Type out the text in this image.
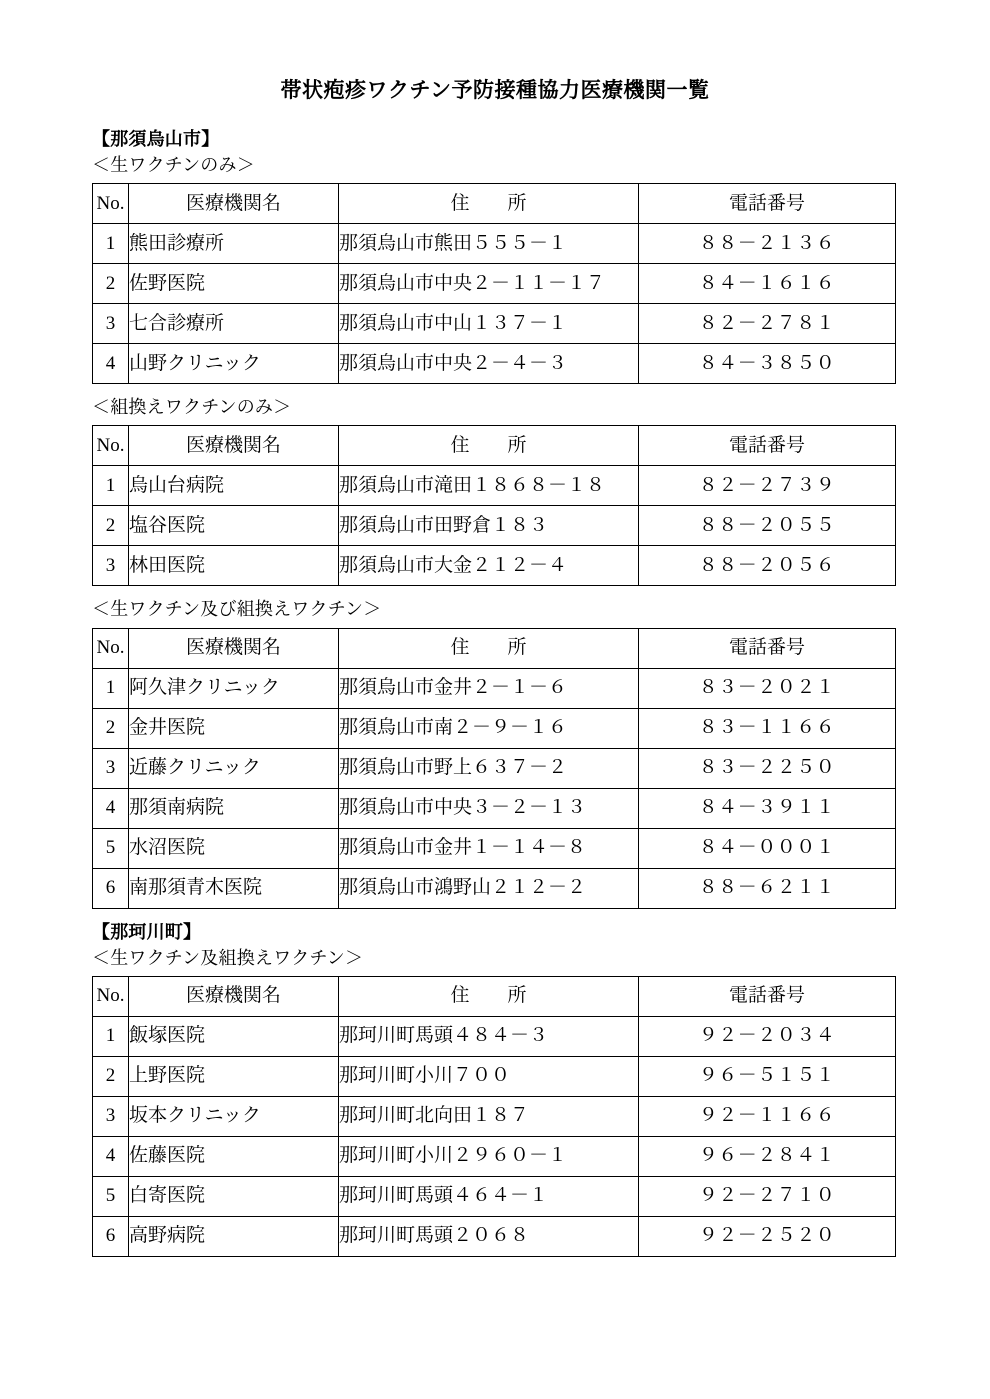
帯状疱疹ワクチン予防接種協力医療機関一覧
【那須烏山市】
＜生ワクチンのみ＞
No.	医療機関名	住　　所	電話番号
1	熊田診療所	那須烏山市熊田５５５－１	８８－２１３６
2	佐野医院	那須烏山市中央２－１１－１７	８４－１６１６
3	七合診療所	那須烏山市中山１３７－１	８２－２７８１
4	山野クリニック	那須烏山市中央２－４－３	８４－３８５０
＜組換えワクチンのみ＞
No.	医療機関名	住　　所	電話番号
1	烏山台病院	那須烏山市滝田１８６８－１８	８２－２７３９
2	塩谷医院	那須烏山市田野倉１８３	８８－２０５５
3	林田医院	那須烏山市大金２１２－４	８８－２０５６
＜生ワクチン及び組換えワクチン＞
No.	医療機関名	住　　所	電話番号
1	阿久津クリニック	那須烏山市金井２－１－６	８３－２０２１
2	金井医院	那須烏山市南２－９－１６	８３－１１６６
3	近藤クリニック	那須烏山市野上６３７－２	８３－２２５０
4	那須南病院	那須烏山市中央３－２－１３	８４－３９１１
5	水沼医院	那須烏山市金井１－１４－８	８４－０００１
6	南那須青木医院	那須烏山市鴻野山２１２－２	８８－６２１１
【那珂川町】
＜生ワクチン及組換えワクチン＞
No.	医療機関名	住　　所	電話番号
1	飯塚医院	那珂川町馬頭４８４－３	９２－２０３４
2	上野医院	那珂川町小川７００	９６－５１５１
3	坂本クリニック	那珂川町北向田１８７	９２－１１６６
4	佐藤医院	那珂川町小川２９６０－１	９６－２８４１
5	白寄医院	那珂川町馬頭４６４－１	９２－２７１０
6	高野病院	那珂川町馬頭２０６８	９２－２５２０
